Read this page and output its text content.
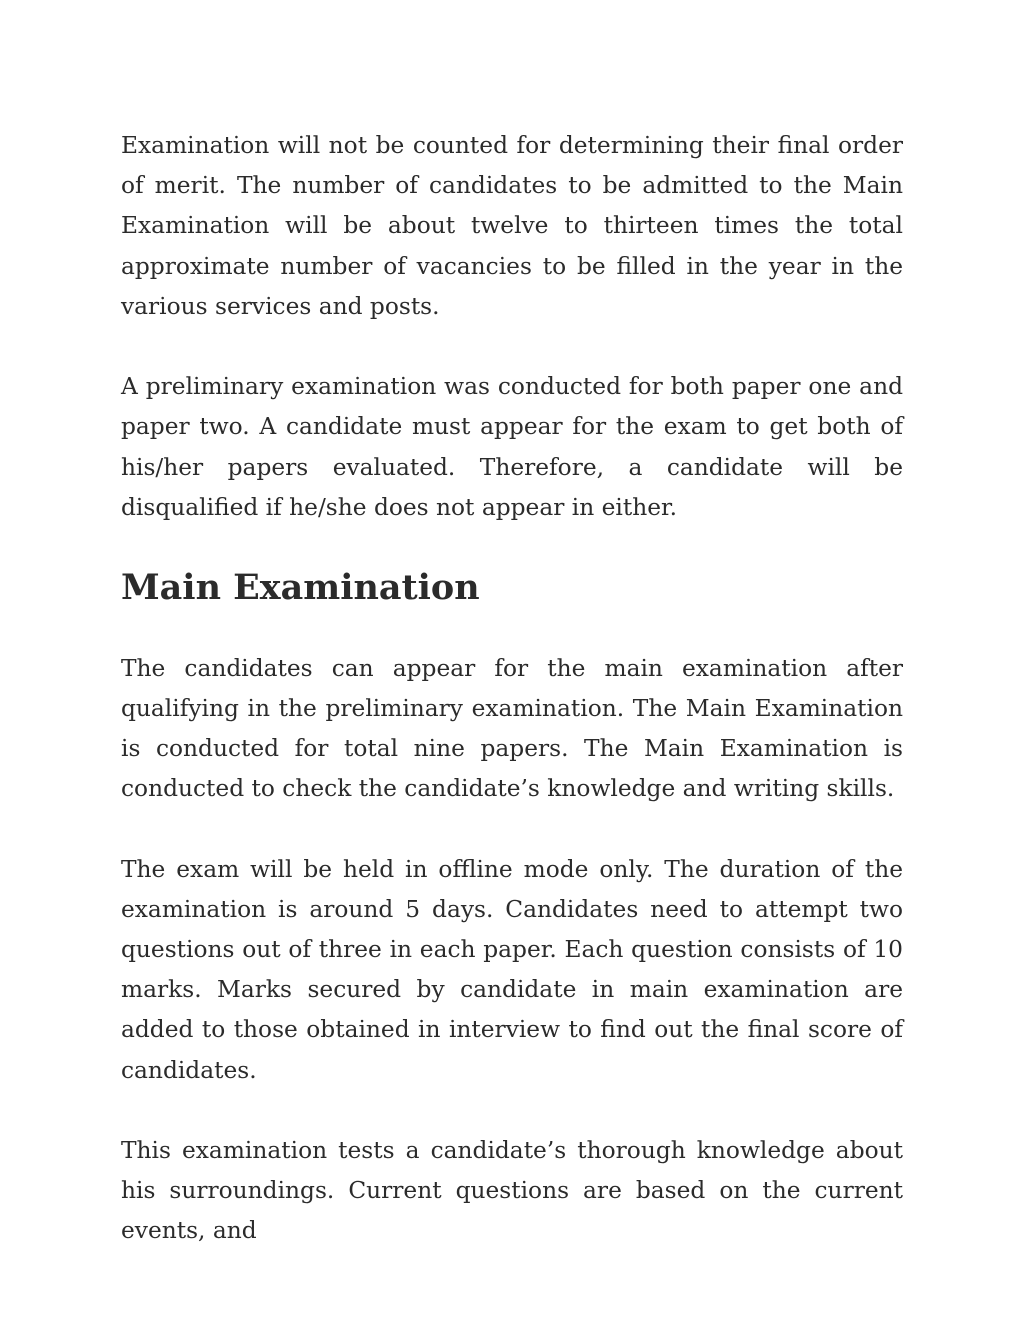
Examination will not be counted for determining their final order of merit. The number of candidates to be admitted to the Main Examination will be about twelve to thirteen times the total approximate number of vacancies to be filled in the year in the various services and posts.

A preliminary examination was conducted for both paper one and paper two. A candidate must appear for the exam to get both of his/her papers evaluated. Therefore, a candidate will be disqualified if he/she does not appear in either.

Main Examination

The candidates can appear for the main examination after qualifying in the preliminary examination. The Main Examination is conducted for total nine papers. The Main Examination is conducted to check the candidate’s knowledge and writing skills.

The exam will be held in offline mode only. The duration of the examination is around 5 days. Candidates need to attempt two questions out of three in each paper. Each question consists of 10 marks. Marks secured by candidate in main examination are added to those obtained in interview to find out the final score of candidates.

This examination tests a candidate’s thorough knowledge about his surroundings. Current questions are based on the current events, and
